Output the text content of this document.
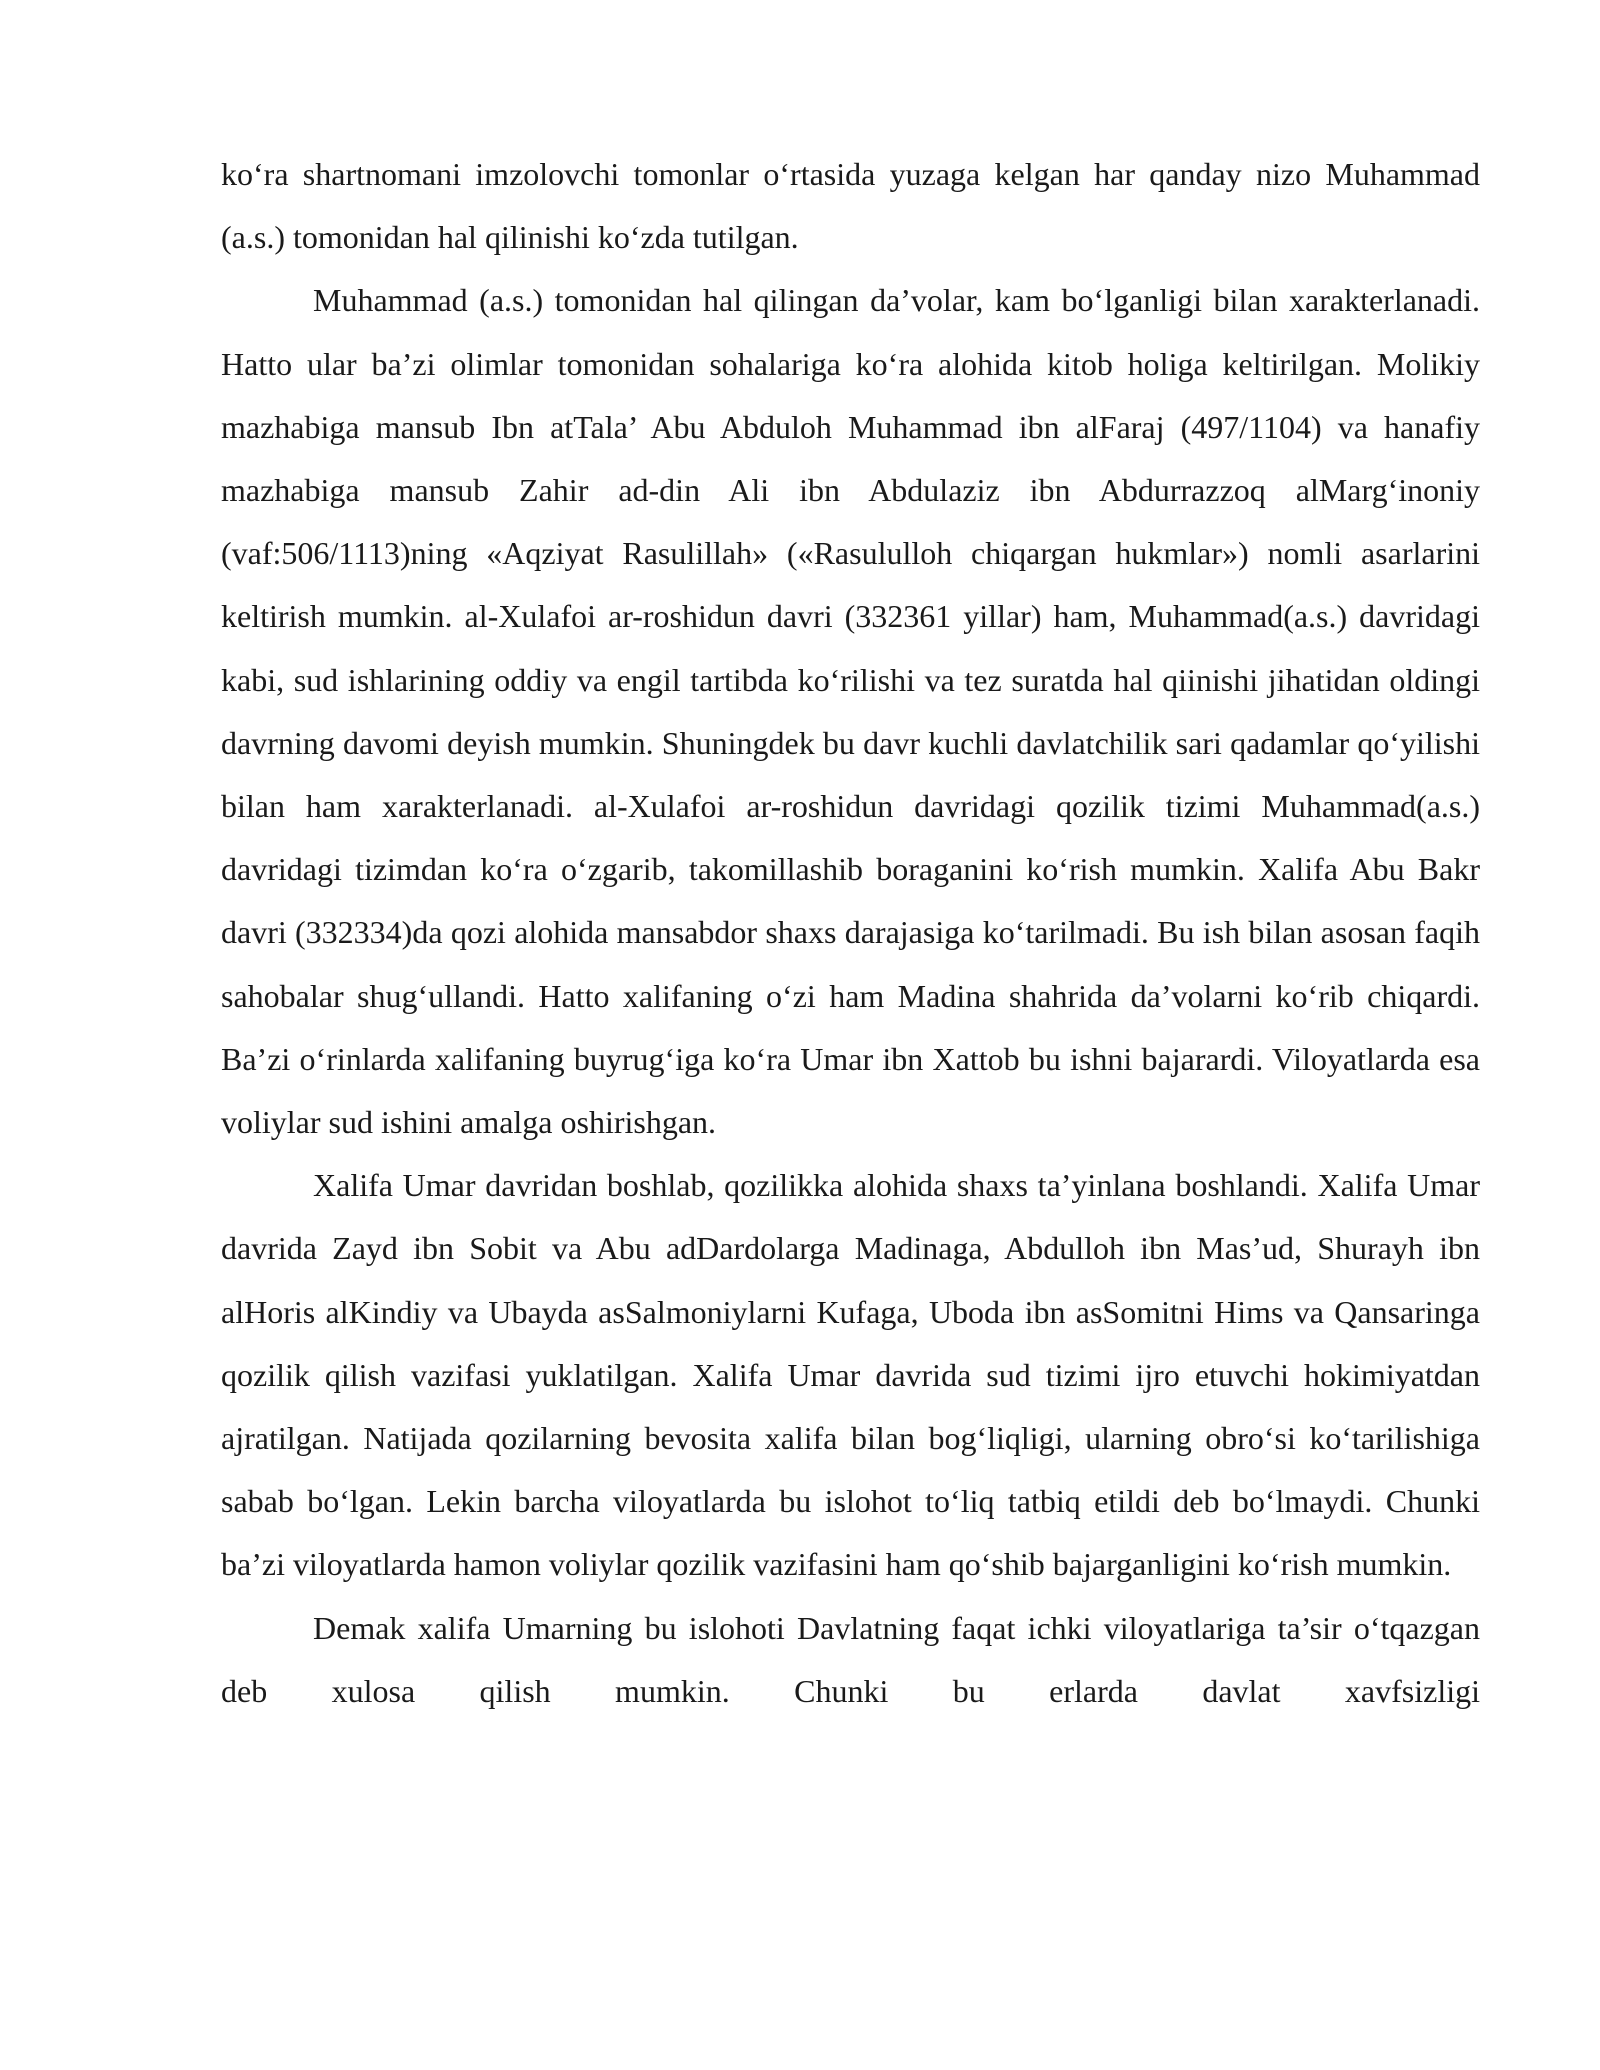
ko‘ra shartnomani imzolovchi tomonlar o‘rtasida yuzaga kelgan har qanday nizo Muhammad (a.s.) tomonidan hal qilinishi ko‘zda tutilgan.

Muhammad (a.s.) tomonidan hal qilingan da’volar, kam bo‘lganligi bilan xarakterlanadi. Hatto ular ba’zi olimlar tomonidan sohalariga ko‘ra alohida kitob holiga keltirilgan. Molikiy mazhabiga mansub Ibn atTala’ Abu Abduloh Muhammad ibn alFaraj (497/1104) va hanafiy mazhabiga mansub Zahir ad-din Ali ibn Abdulaziz ibn Abdurrazzoq alMarg‘inoniy (vaf:506/1113)ning «Aqziyat Rasulillah» («Rasululloh chiqargan hukmlar») nomli asarlarini keltirish mumkin. al-Xulafoi ar-roshidun davri (332361 yillar) ham, Muhammad(a.s.) davridagi kabi, sud ishlarining oddiy va engil tartibda ko‘rilishi va tez suratda hal qiinishi jihatidan oldingi davrning davomi deyish mumkin. Shuningdek bu davr kuchli davlatchilik sari qadamlar qo‘yilishi bilan ham xarakterlanadi. al-Xulafoi ar-roshidun davridagi qozilik tizimi Muhammad(a.s.) davridagi tizimdan ko‘ra o‘zgarib, takomillashib boraganini ko‘rish mumkin. Xalifa Abu Bakr davri (332334)da qozi alohida mansabdor shaxs darajasiga ko‘tarilmadi. Bu ish bilan asosan faqih sahobalar shug‘ullandi. Hatto xalifaning o‘zi ham Madina shahrida da’volarni ko‘rib chiqardi. Ba’zi o‘rinlarda xalifaning buyrug‘iga ko‘ra Umar ibn Xattob bu ishni bajarardi. Viloyatlarda esa voliylar sud ishini amalga oshirishgan.

Xalifa Umar davridan boshlab, qozilikka alohida shaxs ta’yinlana boshlandi. Xalifa Umar davrida Zayd ibn Sobit va Abu adDardolarga Madinaga, Abdulloh ibn Mas’ud, Shurayh ibn alHoris alKindiy va Ubayda asSalmoniylarni Kufaga, Uboda ibn asSomitni Hims va Qansaringa qozilik qilish vazifasi yuklatilgan. Xalifa Umar davrida sud tizimi ijro etuvchi hokimiyatdan ajratilgan. Natijada qozilarning bevosita xalifa bilan bog‘liqligi, ularning obro‘si ko‘tarilishiga sabab bo‘lgan. Lekin barcha viloyatlarda bu islohot to‘liq tatbiq etildi deb bo‘lmaydi. Chunki ba’zi viloyatlarda hamon voliylar qozilik vazifasini ham qo‘shib bajarganligini ko‘rish mumkin.

Demak xalifa Umarning bu islohoti Davlatning faqat ichki viloyatlariga ta’sir o‘tqazgan deb xulosa qilish mumkin. Chunki bu erlarda davlat xavfsizligi
